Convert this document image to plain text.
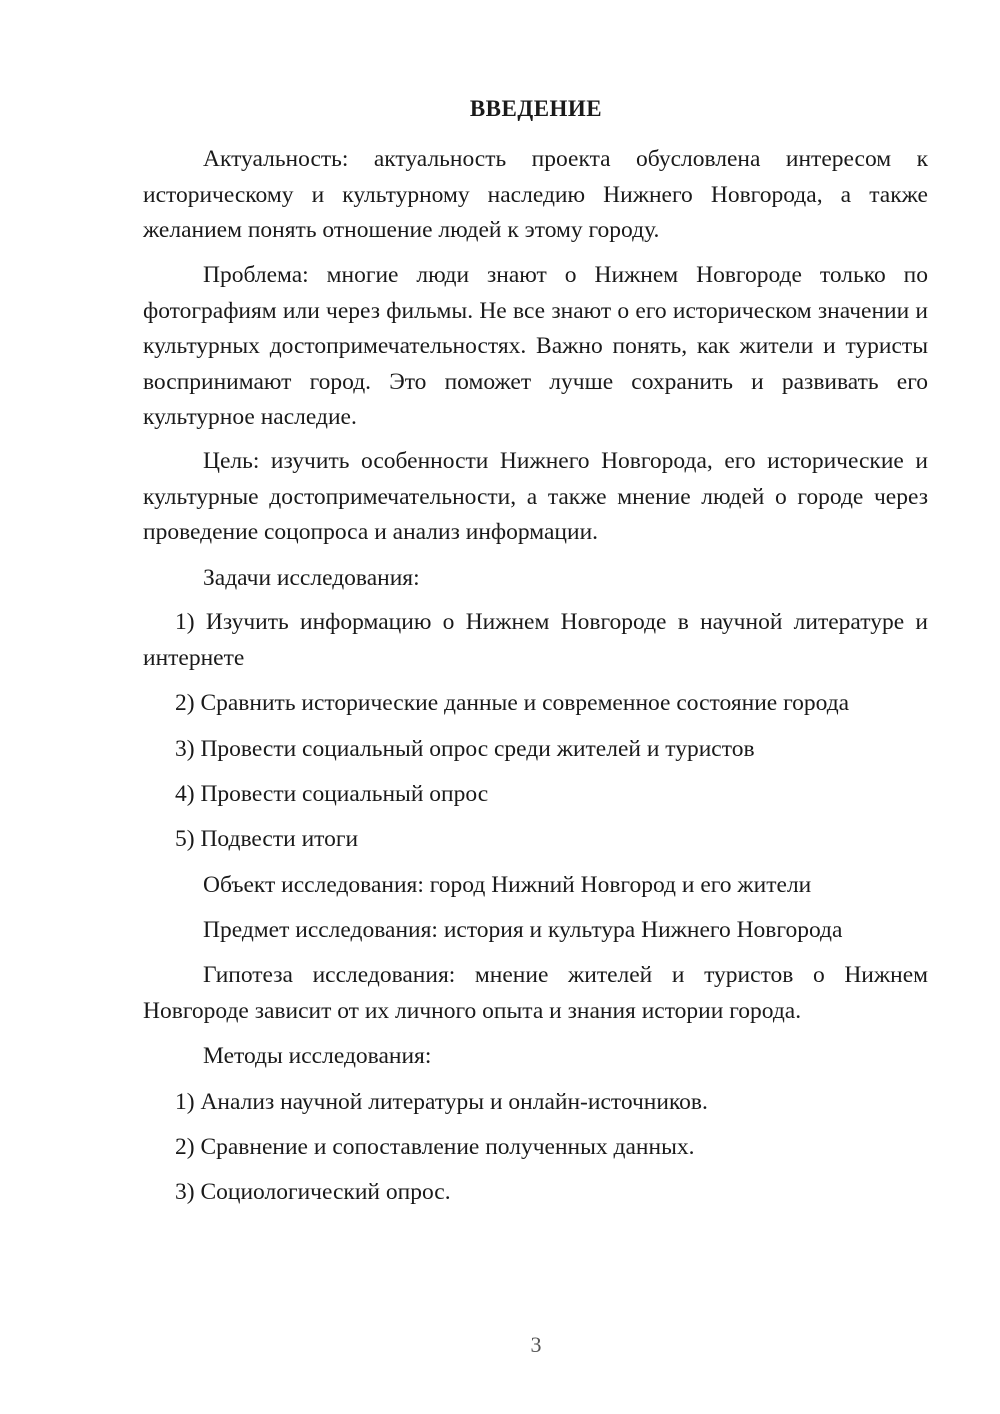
ВВЕДЕНИЕ

Актуальность: актуальность проекта обусловлена интересом к историческому и культурному наследию Нижнего Новгорода, а также желанием понять отношение людей к этому городу.

Проблема: многие люди знают о Нижнем Новгороде только по фотографиям или через фильмы. Не все знают о его историческом значении и культурных достопримечательностях. Важно понять, как жители и туристы воспринимают город. Это поможет лучше сохранить и развивать его культурное наследие.

Цель: изучить особенности Нижнего Новгорода, его исторические и культурные достопримечательности, а также мнение людей о городе через проведение соцопроса и анализ информации.

Задачи исследования:

1) Изучить информацию о Нижнем Новгороде в научной литературе и интернете

2) Сравнить исторические данные и современное состояние города

3) Провести социальный опрос среди жителей и туристов

4) Провести социальный опрос

5) Подвести итоги

Объект исследования: город Нижний Новгород и его жители

Предмет исследования: история и культура Нижнего Новгорода

Гипотеза исследования: мнение жителей и туристов о Нижнем Новгороде зависит от их личного опыта и знания истории города.

Методы исследования:

1) Анализ научной литературы и онлайн-источников.

2) Сравнение и сопоставление полученных данных.

3) Социологический опрос.

3
